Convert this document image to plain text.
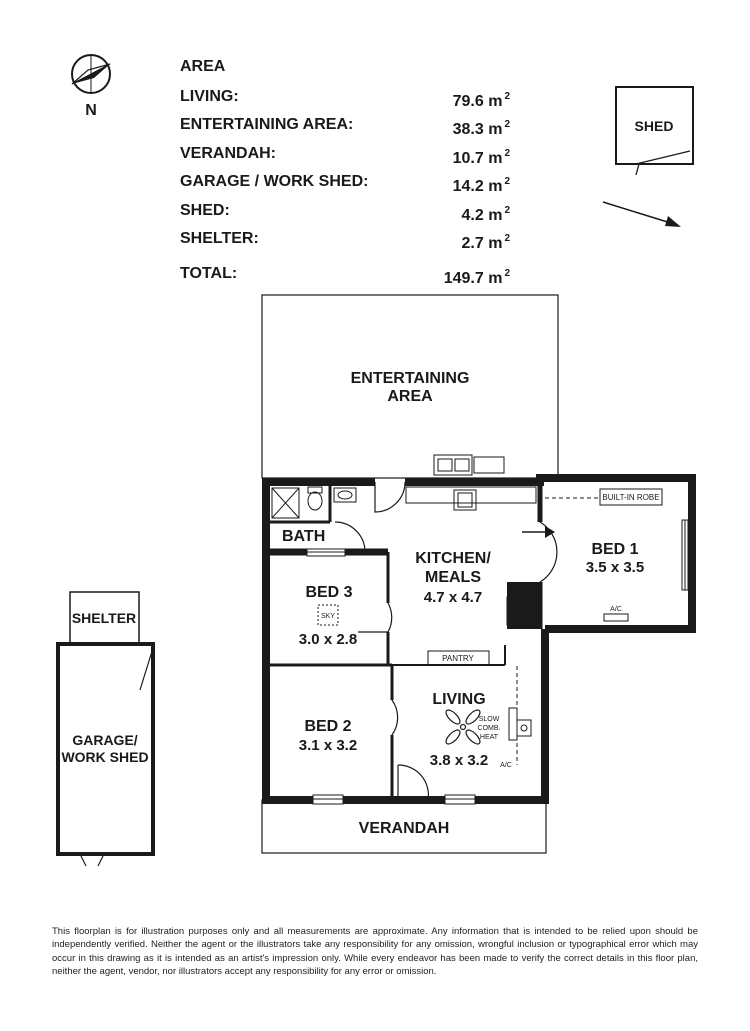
AREA
LIVING:	79.6 m $^2$
ENTERTAINING AREA:	38.3 m $^2$
VERANDAH:	10.7 m $^2$
GARAGE / WORK SHED:	14.2 m $^2$
SHED:	4.2 m $^2$
SHELTER:	2.7 m $^2$
TOTAL:	149.7 m $^2$
N
SHED
SHELTER
GARAGE/
WORK SHED
ENTERTAINING
AREA
VERANDAH
BATH
KITCHEN/
MEALS
4.7 x 4.7
PANTRY
BUILT-IN ROBE
BED 1
3.5 x 3.5
A/C
BED 3
SKY
3.0 x 2.8
BED 2
3.1 x 3.2
LIVING
SLOW
COMB.
HEAT
3.8 x 3.2 A/C
This floorplan is for illustration purposes only and all measurements are approximate. Any information that is intended to be relied upon should be independently verified. Neither the agent or the illustrators take any responsibility for any omission, wrongful inclusion or typographical error which may occur in this drawing as it is intended as an artist's impression only. While every endeavor has been made to verify the correct details in this floor plan, neither the agent, vendor, nor illustrators accept any responsibility for any error or omission.
